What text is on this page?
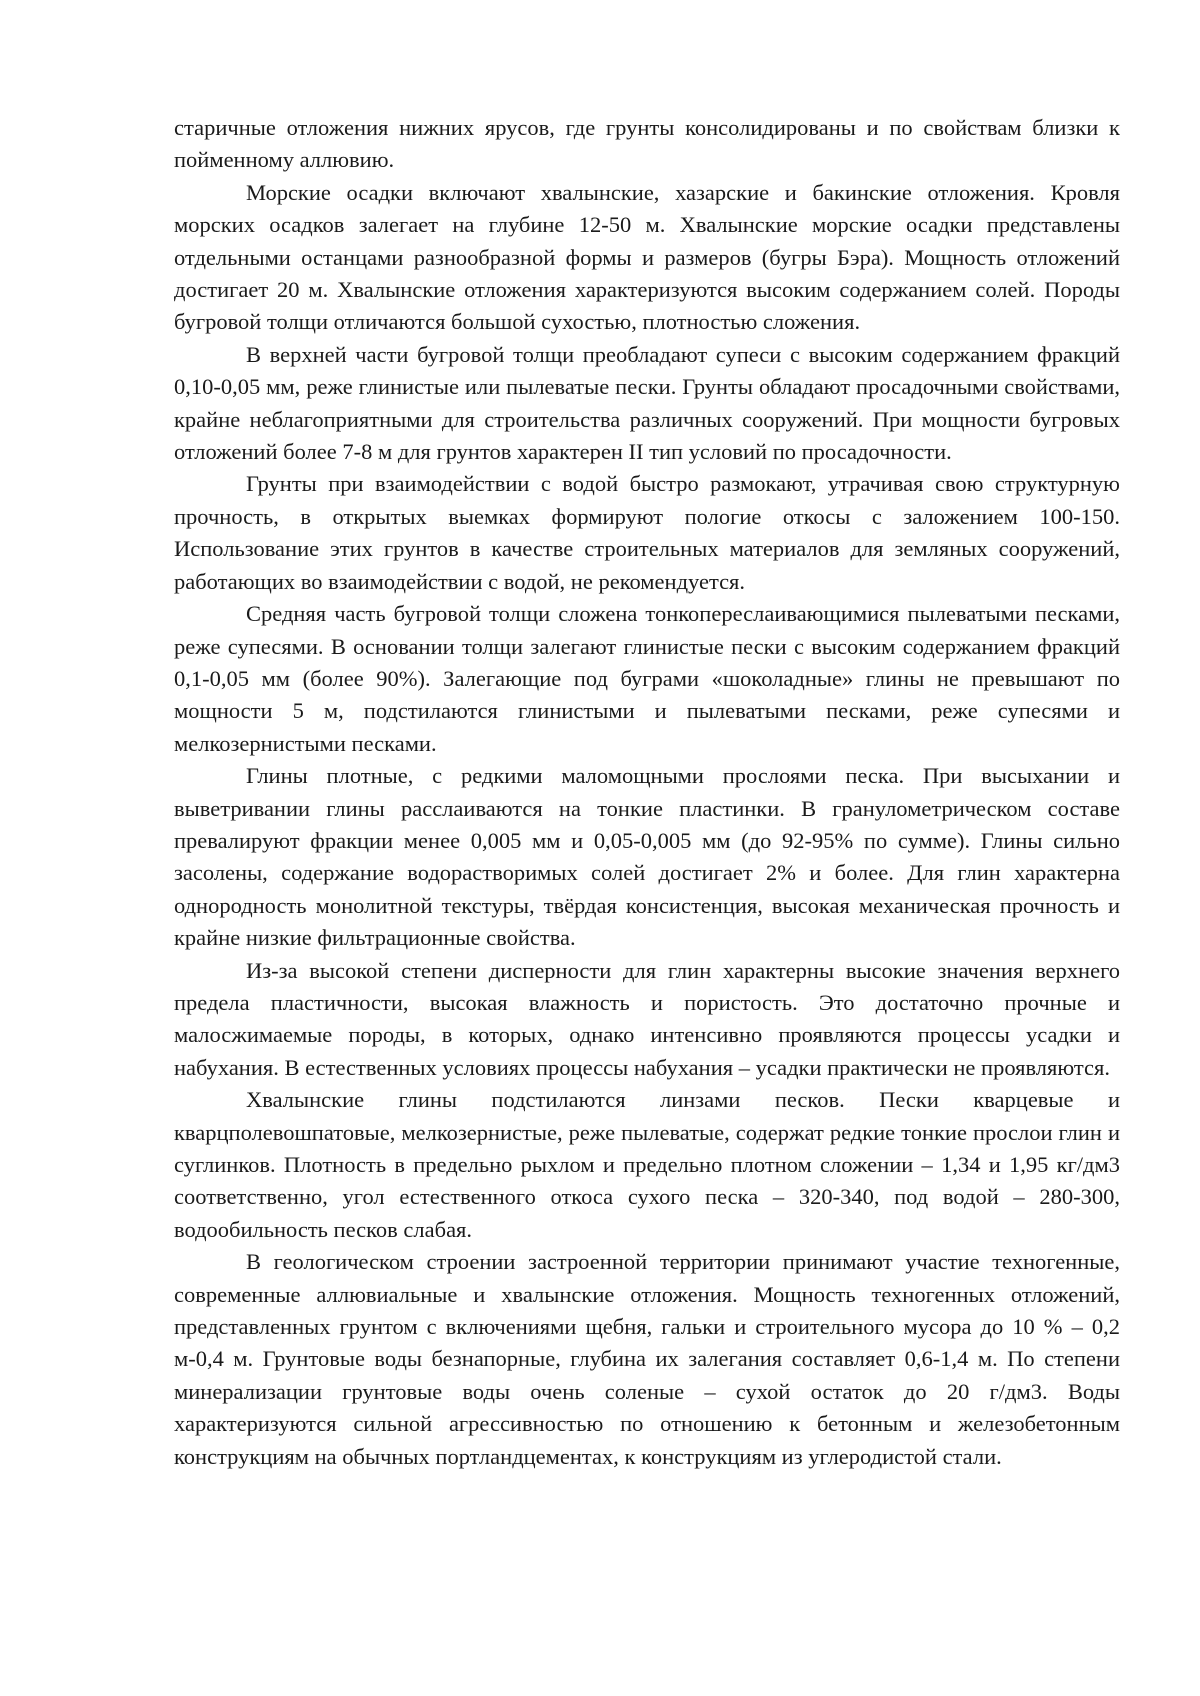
старичные отложения нижних ярусов, где грунты консолидированы и по свойствам близки к пойменному аллювию.

Морские осадки включают хвалынские, хазарские и бакинские отложения. Кровля морских осадков залегает на глубине 12-50 м. Хвалынские морские осадки представлены отдельными останцами разнообразной формы и размеров (бугры Бэра). Мощность отложений достигает 20 м. Хвалынские отложения характеризуются высоким содержанием солей. Породы бугровой толщи отличаются большой сухостью, плотностью сложения.

В верхней части бугровой толщи преобладают супеси с высоким содержанием фракций 0,10-0,05 мм, реже глинистые или пылеватые пески. Грунты обладают просадочными свойствами, крайне неблагоприятными для строительства различных сооружений. При мощности бугровых отложений более 7-8 м для грунтов характерен II тип условий по просадочности.

Грунты при взаимодействии с водой быстро размокают, утрачивая свою структурную прочность, в открытых выемках формируют пологие откосы с заложением 100-150. Использование этих грунтов в качестве строительных материалов для земляных сооружений, работающих во взаимодействии с водой, не рекомендуется.

Средняя часть бугровой толщи сложена тонкопереслаивающимися пылеватыми песками, реже супесями. В основании толщи залегают глинистые пески с высоким содержанием фракций 0,1-0,05 мм (более 90%). Залегающие под буграми «шоколадные» глины не превышают по мощности 5 м, подстилаются глинистыми и пылеватыми песками, реже супесями и мелкозернистыми песками.

Глины плотные, с редкими маломощными прослоями песка. При высыхании и выветривании глины расслаиваются на тонкие пластинки. В гранулометрическом составе превалируют фракции менее 0,005 мм и 0,05-0,005 мм (до 92-95% по сумме). Глины сильно засолены, содержание водорастворимых солей достигает 2% и более. Для глин характерна однородность монолитной текстуры, твёрдая консистенция, высокая механическая прочность и крайне низкие фильтрационные свойства.

Из-за высокой степени дисперности для глин характерны высокие значения верхнего предела пластичности, высокая влажность и пористость. Это достаточно прочные и малосжимаемые породы, в которых, однако интенсивно проявляются процессы усадки и набухания. В естественных условиях процессы набухания – усадки практически не проявляются.

Хвалынские глины подстилаются линзами песков. Пески кварцевые и кварцполевошпатовые, мелкозернистые, реже пылеватые, содержат редкие тонкие прослои глин и суглинков. Плотность в предельно рыхлом и предельно плотном сложении – 1,34 и 1,95 кг/дм3 соответственно, угол естественного откоса сухого песка – 320-340, под водой – 280-300, водообильность песков слабая.

В геологическом строении застроенной территории принимают участие техногенные, современные аллювиальные и хвалынские отложения. Мощность техногенных отложений, представленных грунтом с включениями щебня, гальки и строительного мусора до 10 % – 0,2 м-0,4 м. Грунтовые воды безнапорные, глубина их залегания составляет 0,6-1,4 м. По степени минерализации грунтовые воды очень соленые – сухой остаток до 20 г/дм3. Воды характеризуются сильной агрессивностью по отношению к бетонным и железобетонным конструкциям на обычных портландцементах, к конструкциям из углеродистой стали.
